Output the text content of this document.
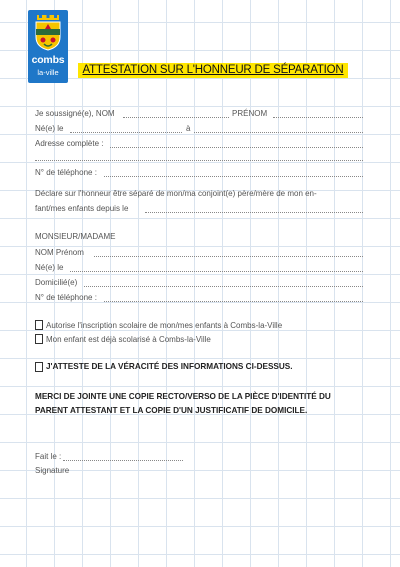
combs
la-ville	ATTESTATION SUR L'HONNEUR DE SÉPARATION
Je soussigné(e), NOM	PRÉNOM
Né(e) le	à
Adresse complète :
N° de téléphone :
Déclare sur l'honneur être séparé de mon/ma conjoint(e) père/mère de mon en-
fant/mes enfants depuis le
MONSIEUR/MADAME
NOM Prénom
Né(e) le
Domicilié(e)
N° de téléphone :
Autorise l'inscription scolaire de mon/mes enfants à Combs-la-Ville
Mon enfant est déjà scolarisé à Combs-la-Ville
J'ATTESTE DE LA VÉRACITÉ DES INFORMATIONS CI-DESSUS.
MERCI DE JOINTE UNE COPIE RECTO/VERSO DE LA PIÈCE D'IDENTITÉ DU
PARENT ATTESTANT ET LA COPIE D'UN JUSTIFICATIF DE DOMICILE.
Fait le :
Signature
